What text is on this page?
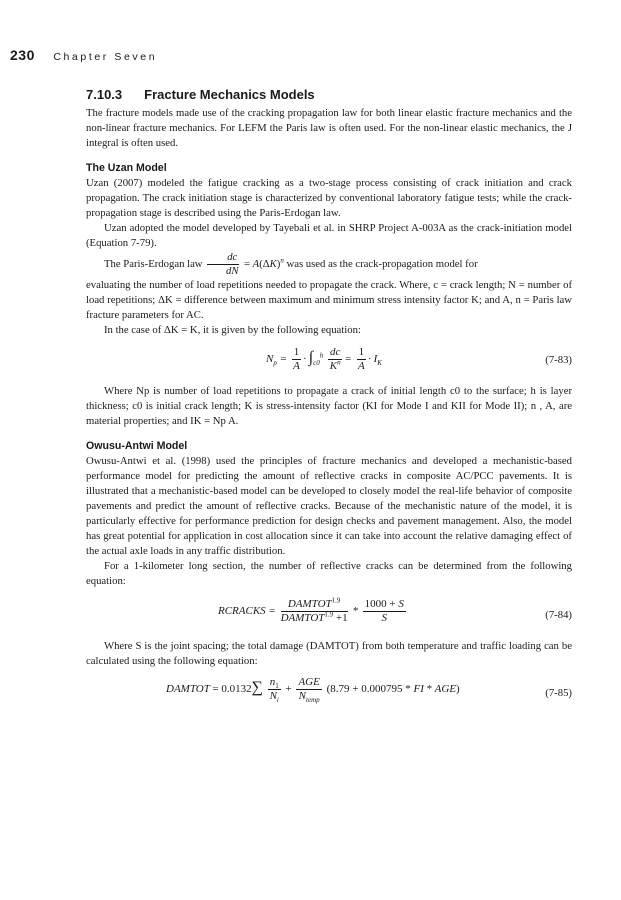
230 Chapter Seven
7.10.3 Fracture Mechanics Models

The fracture models made use of the cracking propagation law for both linear elastic fracture mechanics and the non-linear fracture mechanics. For LEFM the Paris law is often used. For the non-linear elastic mechanics, the J integral is often used.

The Uzan Model

Uzan (2007) modeled the fatigue cracking as a two-stage process consisting of crack initiation and crack propagation. The crack initiation stage is characterized by conventional laboratory fatigue tests; while the crack-propagation stage is described using the Paris-Erdogan law.

Uzan adopted the model developed by Tayebali et al. in SHRP Project A-003A as the crack-initiation model (Equation 7-79).

The Paris-Erdogan law $\frac{dc}{dN} = A(\Delta K)^n$ was used as the crack-propagation model for

evaluating the number of load repetitions needed to propagate the crack. Where, c = crack length; N = number of load repetitions; ΔK = difference between maximum and minimum stress intensity factor K; and A, n = Paris law fracture parameters for AC.

In the case of ΔK = K, it is given by the following equation:

$N_p = \frac{1}{A} \cdot \int_{c0}^h \frac{dc}{K^n} = \frac{1}{A} \cdot I_K$	(7-83)

Where Np is number of load repetitions to propagate a crack of initial length c0 to the surface; h is layer thickness; c0 is initial crack length; K is stress-intensity factor (KI for Mode I and KII for Mode II); n , A, are material properties; and IK = Np A.

Owusu-Antwi Model

Owusu-Antwi et al. (1998) used the principles of fracture mechanics and developed a mechanistic-based performance model for predicting the amount of reflective cracks in composite AC/PCC pavements. It is illustrated that a mechanistic-based model can be developed to closely model the real-life behavior of composite pavements and predict the amount of reflective cracks. Because of the mechanistic nature of the model, it is particularly effective for performance prediction for design checks and pavement management. Also, the model has great potential for application in cost allocation since it can take into account the relative damaging effect of the actual axle loads in any traffic distribution.

For a 1-kilometer long section, the number of reflective cracks can be determined from the following equation:

RCRACKS = $\frac{DAMTOT^{1.9}}{DAMTOT^{1.9} +1} * \frac{1000 + S}{S}$	(7-84)

Where S is the joint spacing; the total damage (DAMTOT) from both temperature and traffic loading can be calculated using the following equation:

DAMTOT = $0.0132\sum \frac{n_1}{N_i} + \frac{\text{AGE}}{N_{temp}} (8.79 + 0.000795$ * FI * AGE)	(7-85)
